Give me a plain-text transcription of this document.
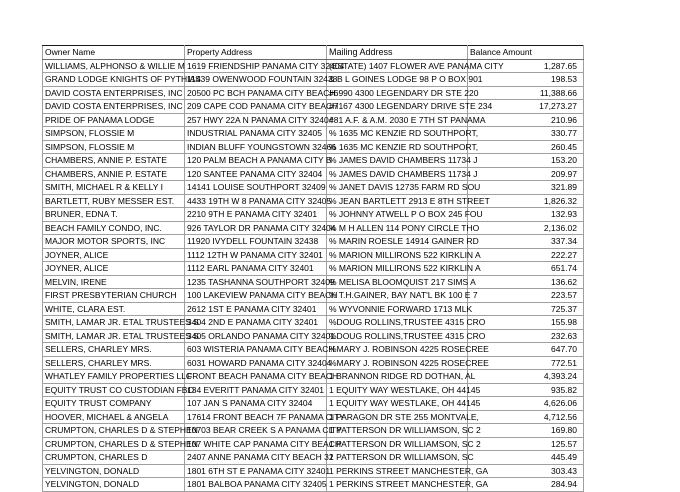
Owner Name	Property Address	Mailing Address	Balance Amount
WILLIAMS, ALPHONSO & WILLIE M	1619 FRIENDSHIP PANAMA CITY 32404	(ESTATE) 1407 FLOWER AVE PANAMA CITY	1,287.65
GRAND LODGE KNIGHTS OF PYTHIAS	11439 OWENWOOD FOUNTAIN 32438	& B L GOINES LODGE 98 P O BOX 901	198.53
DAVID COSTA ENTERPRISES, INC	20500 PC BCH PANAMA CITY BEACH	#6990 4300 LEGENDARY DR STE 220	11,388.66
DAVID COSTA ENTERPRISES, INC	209 CAPE COD PANAMA CITY BEACH	#7167 4300 LEGENDARY DRIVE STE 234	17,273.27
PRIDE OF PANAMA LODGE	257 HWY 22A N PANAMA CITY 32404	#81 A.F. & A.M. 2030 E 7TH ST PANAMA	210.96
SIMPSON, FLOSSIE M	INDUSTRIAL PANAMA CITY 32405	% 1635 MC KENZIE RD SOUTHPORT,	330.77
SIMPSON, FLOSSIE M	INDIAN BLUFF YOUNGSTOWN 32466	% 1635 MC KENZIE RD SOUTHPORT,	260.45
CHAMBERS, ANNIE P. ESTATE	120 PALM BEACH A PANAMA CITY B	% JAMES DAVID CHAMBERS 11734 J	153.20
CHAMBERS, ANNIE P. ESTATE	120 SANTEE PANAMA CITY 32404	% JAMES DAVID CHAMBERS 11734 J	209.97
SMITH, MICHAEL R & KELLY I	14141 LOUISE SOUTHPORT 32409	% JANET DAVIS 12735 FARM RD SOU	321.89
BARTLETT, RUBY MESSER EST.	4433 19TH W 8 PANAMA CITY 32405	% JEAN BARTLETT 2913 E 8TH STREET	1,826.32
BRUNER, EDNA T.	2210 9TH E PANAMA CITY 32401	% JOHNNY ATWELL P O BOX 245 FOU	132.93
BEACH FAMILY CONDO, INC.	926 TAYLOR DR PANAMA CITY 32404	% M H ALLEN 114 PONY CIRCLE THO	2,136.02
MAJOR MOTOR SPORTS, INC	11920 IVYDELL FOUNTAIN 32438	% MARIN ROESLE 14914 GAINER RD	337.34
JOYNER, ALICE	1112 12TH W PANAMA CITY 32401	% MARION MILLIRONS 522 KIRKLIN A	222.27
JOYNER, ALICE	1112 EARL PANAMA CITY 32401	% MARION MILLIRONS 522 KIRKLIN A	651.74
MELVIN, IRENE	1235 TASHANNA SOUTHPORT 32409	% MELISA BLOOMQUIST 217 SIMS A	136.62
FIRST PRESBYTERIAN CHURCH	100 LAKEVIEW PANAMA CITY BEACH	% T.H.GAINER, BAY NAT'L BK 100 E 7	223.57
WHITE, CLARA EST.	2612 1ST E PANAMA CITY 32401	% WYVONNIE FORWARD 1713 MLK	725.37
SMITH, LAMAR JR. ETAL TRUSTEES S	3404 2ND E PANAMA CITY 32401	%DOUG ROLLINS,TRUSTEE 4315 CRO	155.98
SMITH, LAMAR JR. ETAL TRUSTEES S	3405 ORLANDO PANAMA CITY 32401	%DOUG ROLLINS,TRUSTEE 4315 CRO	232.63
SELLERS, CHARLEY MRS.	603 WISTERIA PANAMA CITY BEACH	%MARY J. ROBINSON 4225 ROSECREE	647.70
SELLERS, CHARLEY MRS.	6031 HOWARD PANAMA CITY 32404	%MARY J. ROBINSON 4225 ROSECREE	772.51
WHATLEY FAMILY PROPERTIES LLC	FRONT BEACH PANAMA CITY BEACH	1 BRANNON RIDGE RD DOTHAN, AL	4,393.24
EQUITY TRUST CO CUSTODIAN FBO	134 EVERITT PANAMA CITY 32401	1 EQUITY WAY WESTLAKE, OH 44145	935.82
EQUITY TRUST COMPANY	107 JAN S PANAMA CITY 32404	1 EQUITY WAY WESTLAKE, OH 44145	4,626.06
HOOVER, MICHAEL & ANGELA	17614 FRONT BEACH 7F PANAMA CITY	1 PARAGON DR STE 255 MONTVALE,	4,712.56
CRUMPTON, CHARLES D & STEPHEN	10703 BEAR CREEK S A PANAMA CITY	1 PATTERSON DR WILLIAMSON, SC 2	169.80
CRUMPTON, CHARLES D & STEPHEN	107 WHITE CAP PANAMA CITY BEACH	1 PATTERSON DR WILLIAMSON, SC 2	125.57
CRUMPTON, CHARLES D	2407 ANNE PANAMA CITY BEACH 32	1 PATTERSON DR WILLIAMSON, SC	445.49
YELVINGTON, DONALD	1801 6TH ST E PANAMA CITY 32401	1 PERKINS STREET MANCHESTER, GA	303.43
YELVINGTON, DONALD	1801 BALBOA PANAMA CITY 32405	1 PERKINS STREET MANCHESTER, GA	284.94
